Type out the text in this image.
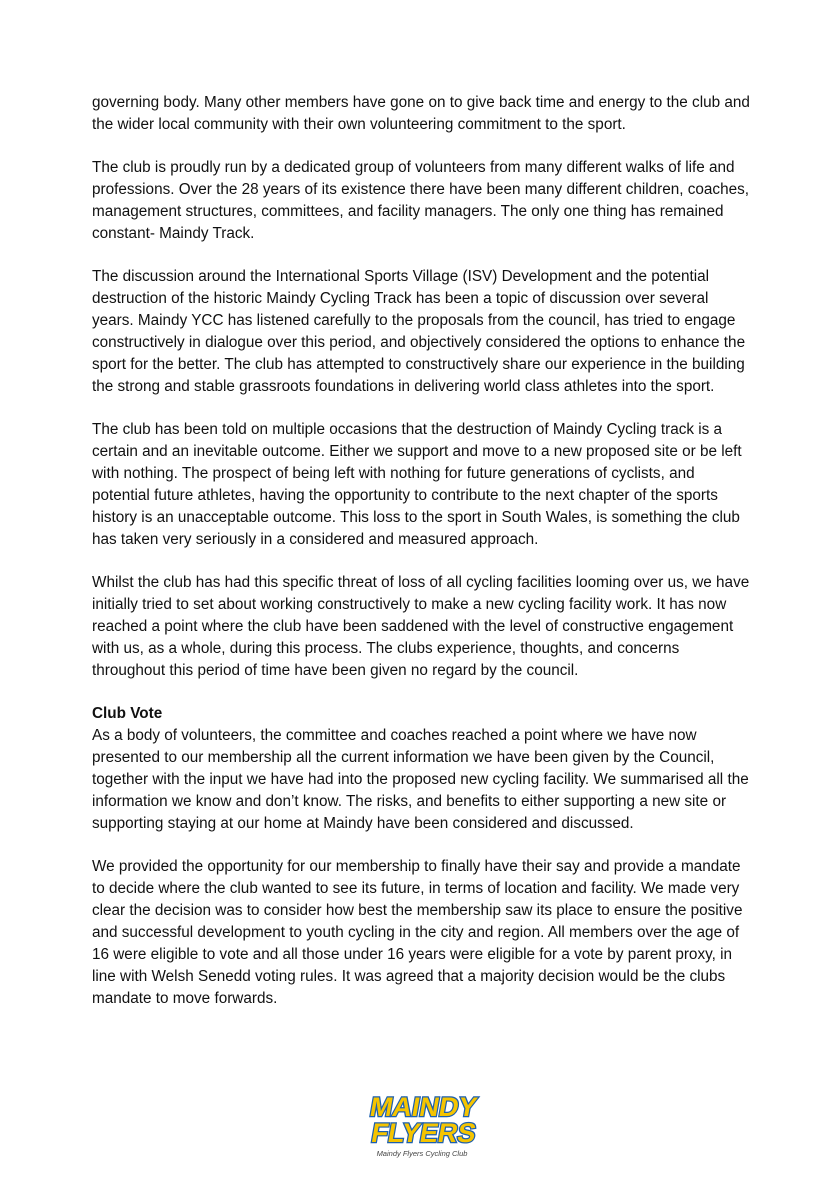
governing body. Many other members have gone on to give back time and energy to the club and the wider local community with their own volunteering commitment to the sport.

The club is proudly run by a dedicated group of volunteers from many different walks of life and professions. Over the 28 years of its existence there have been many different children, coaches, management structures, committees, and facility managers. The only one thing has remained constant- Maindy Track.

The discussion around the International Sports Village (ISV) Development and the potential destruction of the historic Maindy Cycling Track has been a topic of discussion over several years. Maindy YCC has listened carefully to the proposals from the council, has tried to engage constructively in dialogue over this period, and objectively considered the options to enhance the sport for the better. The club has attempted to constructively share our experience in the building the strong and stable grassroots foundations in delivering world class athletes into the sport.

The club has been told on multiple occasions that the destruction of Maindy Cycling track is a certain and an inevitable outcome. Either we support and move to a new proposed site or be left with nothing. The prospect of being left with nothing for future generations of cyclists, and potential future athletes, having the opportunity to contribute to the next chapter of the sports history is an unacceptable outcome. This loss to the sport in South Wales, is something the club has taken very seriously in a considered and measured approach.

Whilst the club has had this specific threat of loss of all cycling facilities looming over us, we have initially tried to set about working constructively to make a new cycling facility work. It has now reached a point where the club have been saddened with the level of constructive engagement with us, as a whole, during this process. The clubs experience, thoughts, and concerns throughout this period of time have been given no regard by the council.

Club Vote

As a body of volunteers, the committee and coaches reached a point where we have now presented to our membership all the current information we have been given by the Council, together with the input we have had into the proposed new cycling facility. We summarised all the information we know and don’t know. The risks, and benefits to either supporting a new site or supporting staying at our home at Maindy have been considered and discussed.

We provided the opportunity for our membership to finally have their say and provide a mandate to decide where the club wanted to see its future, in terms of location and facility. We made very clear the decision was to consider how best the membership saw its place to ensure the positive and successful development to youth cycling in the city and region. All members over the age of 16 were eligible to vote and all those under 16 years were eligible for a vote by parent proxy, in line with Welsh Senedd voting rules. It was agreed that a majority decision would be the clubs mandate to move forwards.

MAINDY
FLYERS
Maindy Flyers Cycling Club
